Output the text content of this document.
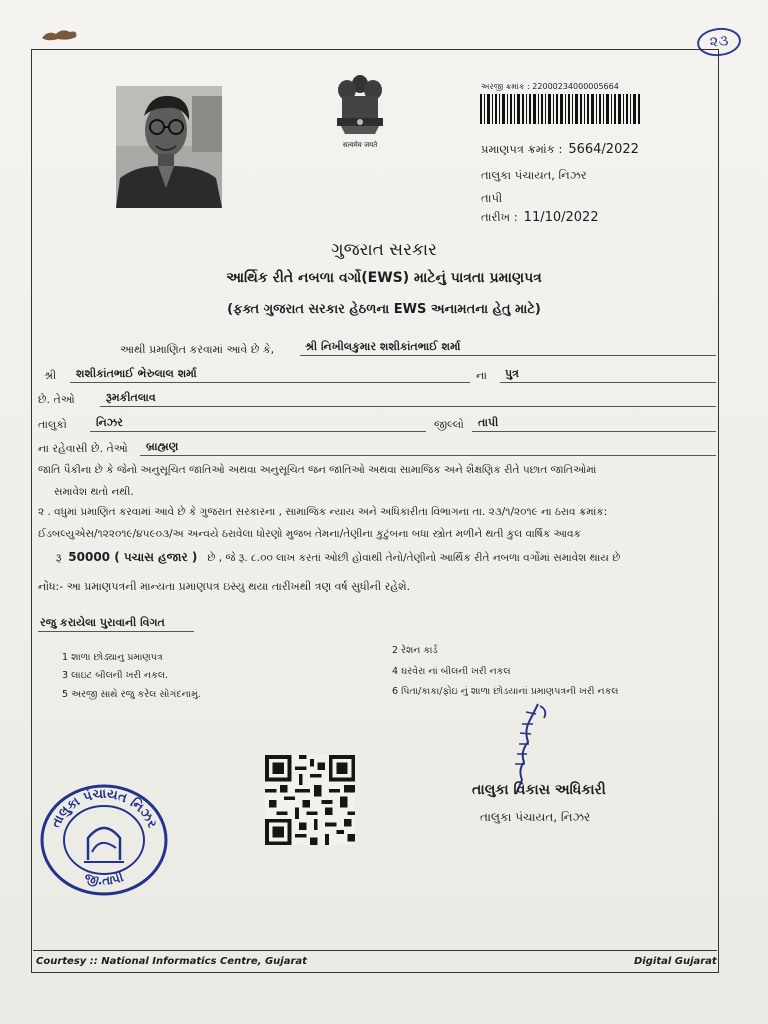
૨૩
सत्यमेव जयते
અરજી ક્રમાંક : 22000234000005664
પ્રમાણપત્ર ક્રમાંક : 5664/2022
તાલુકા પંચાયત, નિઝર
તાપી
તારીખ : 11/10/2022
ગુજરાત સરકાર
આર્થિક રીતે નબળા વર્ગો(EWS) માટેનું પાત્રતા પ્રમાણપત્ર
(ફક્ત ગુજરાત સરકાર હેઠળના EWS અનામતના હેતુ માટે)
આથી પ્રમાણિત કરવામાં આવે છે કે,	શ્રી નિખીલકુમાર શશીકાંતભાઈ શર્મા
શ્રી શશીકાંતભાઈ ભેરુલાલ શર્મા	ના પુત્ર
છે. તેઓ	રૂમકીતલાવ
તાલુકો	નિઝર	જીલ્લો તાપી
ના રહેવાસી છે. તેઓ બ્રાહ્મણ
જાતિ પૈકીના છે કે જેનો અનુસૂચિત જાતિઓ અથવા અનુસૂચિત જન જાતિઓ અથવા સામાજિક અને શૈક્ષણિક રીતે પછાત જાતિઓમાં
સમાવેશ થતો નથી.
૨ . વધુમાં પ્રમાણિત કરવામાં આવે છે કે ગુજરાત સરકારના , સામાજિક ન્યાય અને અધિકારીતા વિભાગના તા. ૨૩/૧/૨૦૧૯ ના ઠરાવ ક્રમાંક:
ઈડબલ્યુએસ/૧૨૨૦૧૯/૪૫૯૦૩/અ અન્વયે ઠરાવેલા ધોરણો મુજબ તેમના/તેણીના કુટુંબના બધા સ્ત્રોત મળીને થતી કુલ વાર્ષિક આવક
રૂ 50000 ( પચાસ હજાર ) છે , જે રૂ. ૮.૦૦ લાખ કરતાં ઓછી હોવાથી તેનો/તેણીનો આર્થિક રીતે નબળા વર્ગોમાં સમાવેશ થાય છે
નોંધ:- આ પ્રમાણપત્રની માન્યતા પ્રમાણપત્ર ઇસ્યુ થયા તારીખથી ત્રણ વર્ષ સુધીની રહેશે.
રજુ કરાયેલા પુરાવાની વિગત
1 શાળા છોડ્યાનુ પ્રમાણપત્ર
2 રેશન કાર્ડ
3 લાઇટ બીલની ખરી નકલ.	4 ઘરવેરા નાં બીલની ખરી નકલ
5 અરજી સાથે રજુ કરેલ સોગંદનામું.	6 પિતા/કાકા/ફોઇ નું શાળા છોડયાનાં પ્રમાણપત્રની ખરી નકલ
તાલુકા પંચાયત નિઝર
જી.તાપી
તાલુકા વિકાસ અધિકારી
તાલુકા પંચાયત, નિઝર
Courtesy :: National Informatics Centre, Gujarat	Digital Gujarat
